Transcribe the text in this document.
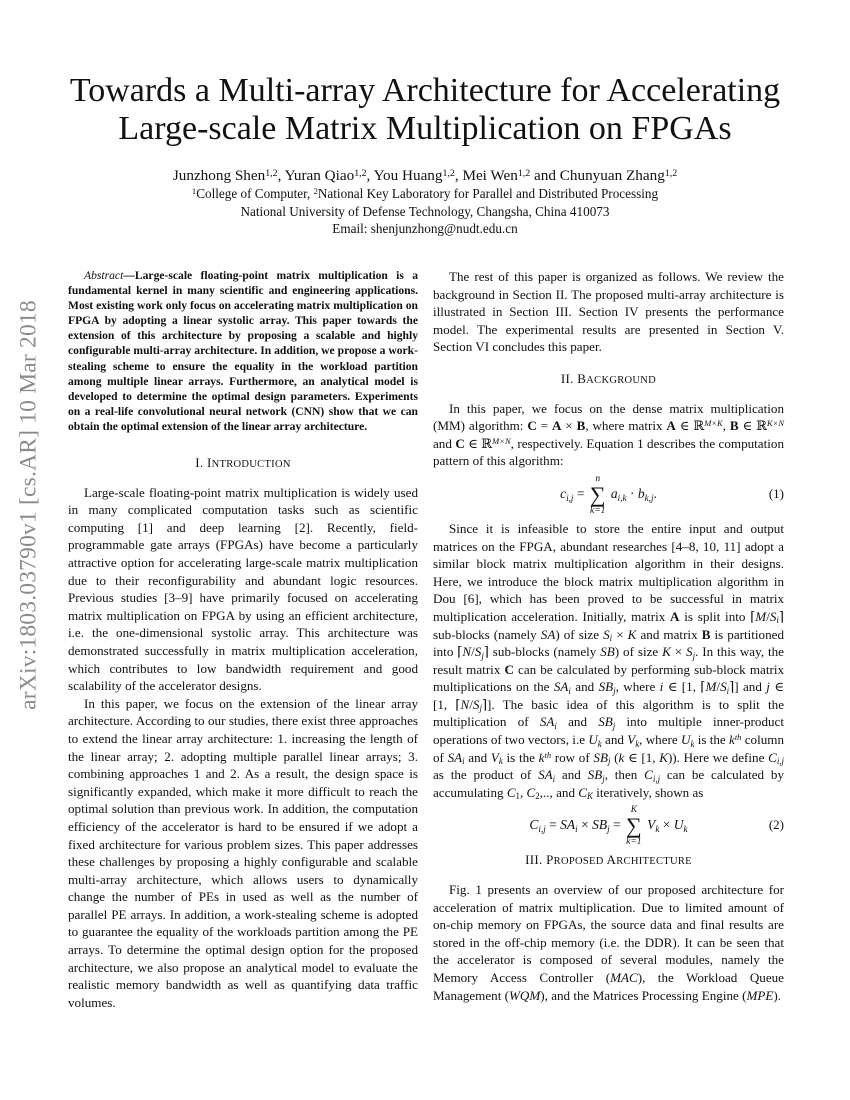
arXiv:1803.03790v1 [cs.AR] 10 Mar 2018
Towards a Multi-array Architecture for Accelerating
Large-scale Matrix Multiplication on FPGAs
Junzhong Shen$^{1,2}$, Yuran Qiao$^{1,2}$, You Huang$^{1,2}$, Mei Wen$^{1,2}$ and Chunyuan Zhang$^{1,2}$
$^1$College of Computer, $^2$National Key Laboratory for Parallel and Distributed Processing
National University of Defense Technology, Changsha, China 410073
Email: shenjunzhong@nudt.edu.cn

Abstract—Large-scale floating-point matrix multiplication is a fundamental kernel in many scientific and engineering applications. Most existing work only focus on accelerating matrix multiplication on FPGA by adopting a linear systolic array. This paper towards the extension of this architecture by proposing a scalable and highly configurable multi-array architecture. In addition, we propose a work-stealing scheme to ensure the equality in the workload partition among multiple linear arrays. Furthermore, an analytical model is developed to determine the optimal design parameters. Experiments on a real-life convolutional neural network (CNN) show that we can obtain the optimal extension of the linear array architecture.

I. INTRODUCTION

Large-scale floating-point matrix multiplication is widely used in many complicated computation tasks such as scientific computing [1] and deep learning [2]. Recently, field-programmable gate arrays (FPGAs) have become a particularly attractive option for accelerating large-scale matrix multiplication due to their reconfigurability and abundant logic resources. Previous studies [3–9] have primarily focused on accelerating matrix multiplication on FPGA by using an efficient architecture, i.e. the one-dimensional systolic array. This architecture was demonstrated successfully in matrix multiplication acceleration, which contributes to low bandwidth requirement and good scalability of the accelerator designs.

In this paper, we focus on the extension of the linear array architecture. According to our studies, there exist three approaches to extend the linear array architecture: 1. increasing the length of the linear array; 2. adopting multiple parallel linear arrays; 3. combining approaches 1 and 2. As a result, the design space is significantly expanded, which make it more difficult to reach the optimal solution than previous work. In addition, the computation efficiency of the accelerator is hard to be ensured if we adopt a fixed architecture for various problem sizes. This paper addresses these challenges by proposing a highly configurable and scalable multi-array architecture, which allows users to dynamically change the number of PEs in used as well as the number of parallel PE arrays. In addition, a work-stealing scheme is adopted to guarantee the equality of the workloads partition among the PE arrays. To determine the optimal design option for the proposed architecture, we also propose an analytical model to evaluate the realistic memory bandwidth as well as quantifying data traffic volumes.

The rest of this paper is organized as follows. We review the background in Section II. The proposed multi-array architecture is illustrated in Section III. Section IV presents the performance model. The experimental results are presented in Section V. Section VI concludes this paper.

II. BACKGROUND

In this paper, we focus on the dense matrix multiplication (MM) algorithm: C = A × B, where matrix A ∈ ℝ$^{M\times K}$, B ∈ ℝ$^{K\times N}$ and C ∈ ℝ$^{M\times N}$, respectively. Equation 1 describes the computation pattern of this algorithm:

$c_{i,j}$ =
n
∑
k=1
$a_{i,k} \cdot b_{k,j}$.	(1)

Since it is infeasible to store the entire input and output matrices on the FPGA, abundant researches [4–8, 10, 11] adopt a similar block matrix multiplication algorithm in their designs. Here, we introduce the block matrix multiplication algorithm in Dou [6], which has been proved to be successful in matrix multiplication acceleration. Initially, matrix A is split into $⌈M/S_i⌉$ sub-blocks (namely SA) of size $S_i \times K$ and matrix B is partitioned into $⌈N/S_j⌉$ sub-blocks (namely SB) of size $K \times S_j$. In this way, the result matrix C can be calculated by performing sub-block matrix multiplications on the $SA_i$ and $SB_j$, where i ∈ [1, $⌈M/S_i⌉$] and j ∈ [1, $⌈N/S_j⌉$]. The basic idea of this algorithm is to split the multiplication of $SA_i$ and $SB_j$ into multiple inner-product operations of two vectors, i.e $U_k$ and $V_k$, where $U_k$ is the $k^{th}$ column of $SA_i$ and $V_k$ is the $k^{th}$ row of $SB_j$ (k ∈ [1, K)). Here we define $C_{i,j}$ as the product of $SA_i$ and $SB_j$, then $C_{i,j}$ can be calculated by accumulating $C_1$, $C_2$,.., and $C_K$ iteratively, shown as

$C_{i,j} = SA_i \times SB_j$ =
K
∑
k=1
$V_k \times U_k$	(2)
III. PROPOSED ARCHITECTURE

Fig. 1 presents an overview of our proposed architecture for acceleration of matrix multiplication. Due to limited amount of on-chip memory on FPGAs, the source data and final results are stored in the off-chip memory (i.e. the DDR). It can be seen that the accelerator is composed of several modules, namely the Memory Access Controller (MAC), the Workload Queue Management (WQM), and the Matrices Processing Engine (MPE).
